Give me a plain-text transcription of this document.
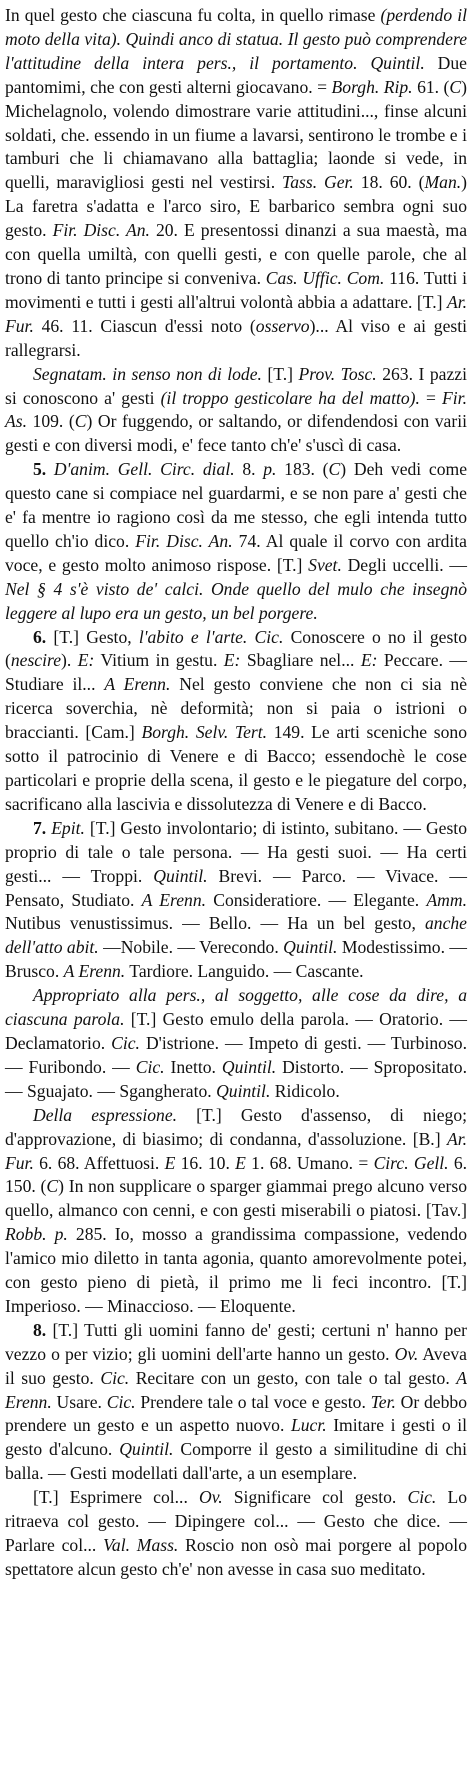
In quel gesto che ciascuna fu colta, in quello rimase (perdendo il moto della vita). Quindi anco di statua. Il gesto può comprendere l'attitudine della intera pers., il portamento. Quintil. Due pantomimi, che con gesti alterni giocavano. = Borgh. Rip. 61. (C) Michelagnolo, volendo dimostrare varie attitudini..., finse alcuni soldati, che. essendo in un fiume a lavarsi, sentirono le trombe e i tamburi che li chiamavano alla battaglia; laonde si vede, in quelli, maravigliosi gesti nel vestirsi. Tass. Ger. 18. 60. (Man.) La faretra s'adatta e l'arco siro, E barbarico sembra ogni suo gesto. Fir. Disc. An. 20. E presentossi dinanzi a sua maestà, ma con quella umiltà, con quelli gesti, e con quelle parole, che al trono di tanto principe si conveniva. Cas. Uffic. Com. 116. Tutti i movimenti e tutti i gesti all'altrui volontà abbia a adattare. [T.] Ar. Fur. 46. 11. Ciascun d'essi noto (osservo)... Al viso e ai gesti rallegrarsi.

Segnatam. in senso non di lode. [T.] Prov. Tosc. 263. I pazzi si conoscono a' gesti (il troppo gesticolare ha del matto). = Fir. As. 109. (C) Or fuggendo, or saltando, or difendendosi con varii gesti e con diversi modi, e' fece tanto ch'e' s'uscì di casa.

5. D'anim. Gell. Circ. dial. 8. p. 183. (C) Deh vedi come questo cane si compiace nel guardarmi, e se non pare a' gesti che e' fa mentre io ragiono così da me stesso, che egli intenda tutto quello ch'io dico. Fir. Disc. An. 74. Al quale il corvo con ardita voce, e gesto molto animoso rispose. [T.] Svet. Degli uccelli. — Nel § 4 s'è visto de' calci. Onde quello del mulo che insegnò leggere al lupo era un gesto, un bel porgere.

6. [T.] Gesto, l'abito e l'arte. Cic. Conoscere o no il gesto (nescire). E: Vitium in gestu. E: Sbagliare nel... E: Peccare. — Studiare il... A Erenn. Nel gesto conviene che non ci sia nè ricerca soverchia, nè deformità; non si paia o istrioni o braccianti. [Cam.] Borgh. Selv. Tert. 149. Le arti sceniche sono sotto il patrocinio di Venere e di Bacco; essendochè le cose particolari e proprie della scena, il gesto e le piegature del corpo, sacrificano alla lascivia e dissolutezza di Venere e di Bacco.

7. Epit. [T.] Gesto involontario; di istinto, subitano. — Gesto proprio di tale o tale persona. — Ha gesti suoi. — Ha certi gesti... — Troppi. Quintil. Brevi. — Parco. — Vivace. — Pensato, Studiato. A Erenn. Consideratiore. — Elegante. Amm. Nutibus venustissimus. — Bello. — Ha un bel gesto, anche dell'atto abit. —Nobile. — Verecondo. Quintil. Modestissimo. — Brusco. A Erenn. Tardiore. Languido. — Cascante.

Appropriato alla pers., al soggetto, alle cose da dire, a ciascuna parola. [T.] Gesto emulo della parola. — Oratorio. — Declamatorio. Cic. D'istrione. — Impeto di gesti. — Turbinoso. — Furibondo. — Cic. Inetto. Quintil. Distorto. — Spropositato. — Sguajato. — Sgangherato. Quintil. Ridicolo.

Della espressione. [T.] Gesto d'assenso, di niego; d'approvazione, di biasimo; di condanna, d'assoluzione. [B.] Ar. Fur. 6. 68. Affettuosi. E 16. 10. E 1. 68. Umano. = Circ. Gell. 6. 150. (C) In non supplicare o sparger giammai prego alcuno verso quello, almanco con cenni, e con gesti miserabili o piatosi. [Tav.] Robb. p. 285. Io, mosso a grandissima compassione, vedendo l'amico mio diletto in tanta agonia, quanto amorevolmente potei, con gesto pieno di pietà, il primo me li feci incontro. [T.] Imperioso. — Minaccioso. — Eloquente.

8. [T.] Tutti gli uomini fanno de' gesti; certuni n' hanno per vezzo o per vizio; gli uomini dell'arte hanno un gesto. Ov. Aveva il suo gesto. Cic. Recitare con un gesto, con tale o tal gesto. A Erenn. Usare. Cic. Prendere tale o tal voce e gesto. Ter. Or debbo prendere un gesto e un aspetto nuovo. Lucr. Imitare i gesti o il gesto d'alcuno. Quintil. Comporre il gesto a similitudine di chi balla. — Gesti modellati dall'arte, a un esemplare.

[T.] Esprimere col... Ov. Significare col gesto. Cic. Lo ritraeva col gesto. — Dipingere col... — Gesto che dice. — Parlare col... Val. Mass. Roscio non osò mai porgere al popolo spettatore alcun gesto ch'e' non avesse in casa suo meditato.
